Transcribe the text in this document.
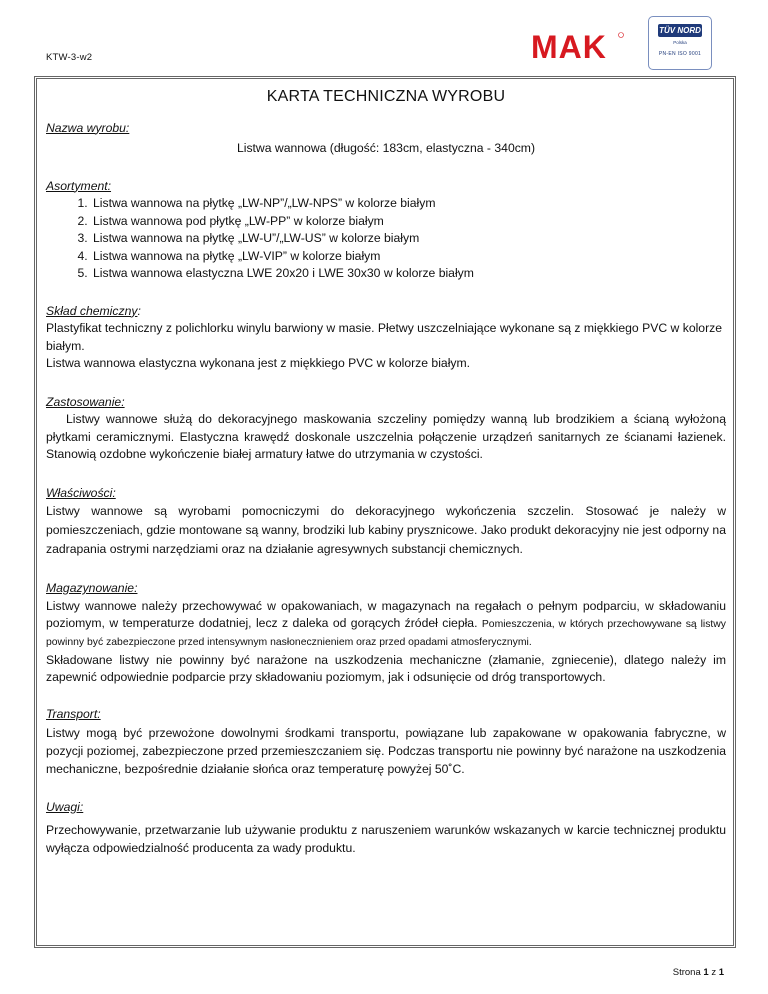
KTW-3-w2	MAK	TÜV NORD
Polska
PN-EN ISO 9001
KARTA TECHNICZNA WYROBU

Nazwa wyrobu:

Listwa wannowa (długość: 183cm, elastyczna - 340cm)

Asortyment:

1. Listwa wannowa na płytkę „LW-NP”/„LW-NPS” w kolorze białym
2. Listwa wannowa pod płytkę „LW-PP” w kolorze białym
3. Listwa wannowa na płytkę „LW-U”/„LW-US” w kolorze białym
4. Listwa wannowa na płytkę „LW-VIP” w kolorze białym
5. Listwa wannowa elastyczna LWE 20x20 i LWE 30x30 w kolorze białym

Skład chemiczny:

Plastyfikat techniczny z polichlorku winylu barwiony w masie. Płetwy uszczelniające wykonane są z miękkiego PVC w kolorze białym.

Listwa wannowa elastyczna wykonana jest z miękkiego PVC w kolorze białym.

Zastosowanie:

Listwy wannowe służą do dekoracyjnego maskowania szczeliny pomiędzy wanną lub brodzikiem a ścianą wyłożoną płytkami ceramicznymi. Elastyczna krawędź doskonale uszczelnia połączenie urządzeń sanitarnych ze ścianami łazienek. Stanowią ozdobne wykończenie białej armatury łatwe do utrzymania w czystości.

Właściwości:

Listwy wannowe są wyrobami pomocniczymi do dekoracyjnego wykończenia szczelin. Stosować je należy w pomieszczeniach, gdzie montowane są wanny, brodziki lub kabiny prysznicowe. Jako produkt dekoracyjny nie jest odporny na zadrapania ostrymi narzędziami oraz na działanie agresywnych substancji chemicznych.

Magazynowanie:

Listwy wannowe należy przechowywać w opakowaniach, w magazynach na regałach o pełnym podparciu, w składowaniu poziomym, w temperaturze dodatniej, lecz z daleka od gorących źródeł ciepła. Pomieszczenia, w których przechowywane są listwy powinny być zabezpieczone przed intensywnym nasłonecznieniem oraz przed opadami atmosferycznymi.

Składowane listwy nie powinny być narażone na uszkodzenia mechaniczne (złamanie, zgniecenie), dlatego należy im zapewnić odpowiednie podparcie przy składowaniu poziomym, jak i odsunięcie od dróg transportowych.

Transport:

Listwy mogą być przewożone dowolnymi środkami transportu, powiązane lub zapakowane w opakowania fabryczne, w pozycji poziomej, zabezpieczone przed przemieszczaniem się. Podczas transportu nie powinny być narażone na uszkodzenia mechaniczne, bezpośrednie działanie słońca oraz temperaturę powyżej 50˚C.

Uwagi:

Przechowywanie, przetwarzanie lub używanie produktu z naruszeniem warunków wskazanych w karcie technicznej produktu wyłącza odpowiedzialność producenta za wady produktu.

Strona 1 z 1
